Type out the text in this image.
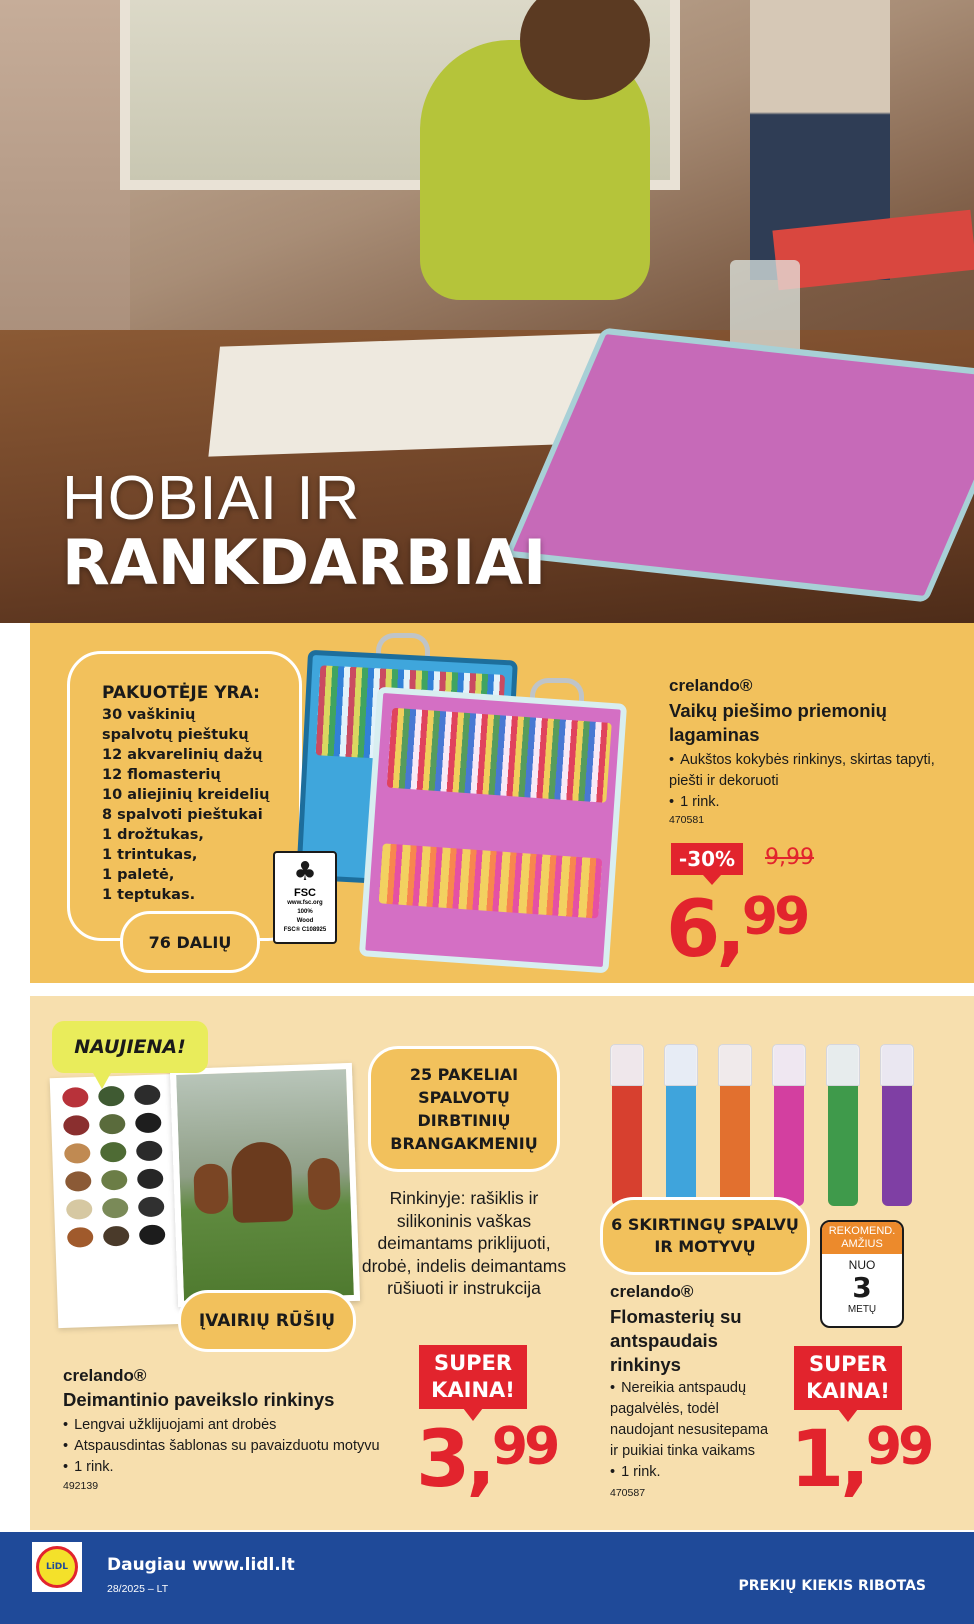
HOBIAI IR
RANKDARBIAI
PAKUOTĖJE YRA:
30 vaškinių
spalvotų pieštukų
12 akvarelinių dažų
12 flomasterių
10 aliejinių kreidelių
8 spalvoti pieštukai
1 drožtukas,
1 trintukas,
1 paletė,
1 teptukas.
76 DALIŲ
♣
FSC
www.fsc.org
100%
Wood
FSC® C108925
crelando®
Vaikų piešimo priemonių lagaminas
• Aukštos kokybės rinkinys, skirtas tapyti, piešti ir dekoruoti
• 1 rink.
470581
-30%	9,99
6,99
NAUJIENA!
ĮVAIRIŲ RŪŠIŲ
25 PAKELIAI SPALVOTŲ DIRBTINIŲ BRANGAKMENIŲ
Rinkinyje: rašiklis ir silikoninis vaškas deimantams priklijuoti, drobė, indelis deimantams rūšiuoti ir instrukcija
crelando®
Deimantinio paveikslo rinkinys
• Lengvai užklijuojami ant drobės
• Atspausdintas šablonas su pavaizduotu motyvu
• 1 rink.
492139
SUPER KAINA!
3,99
6 SKIRTINGŲ SPALVŲ IR MOTYVŲ
REKOMEND. AMŽIUS
NUO
3
METŲ
crelando®
Flomasterių su antspaudais rinkinys
• Nereikia antspaudų pagalvėlės, todėl naudojant nesusitepama ir puikiai tinka vaikams
• 1 rink.
470587
SUPER KAINA!
1,99
LiDL	Daugiau www.lidl.lt
28/2025 – LT	PREKIŲ KIEKIS RIBOTAS
